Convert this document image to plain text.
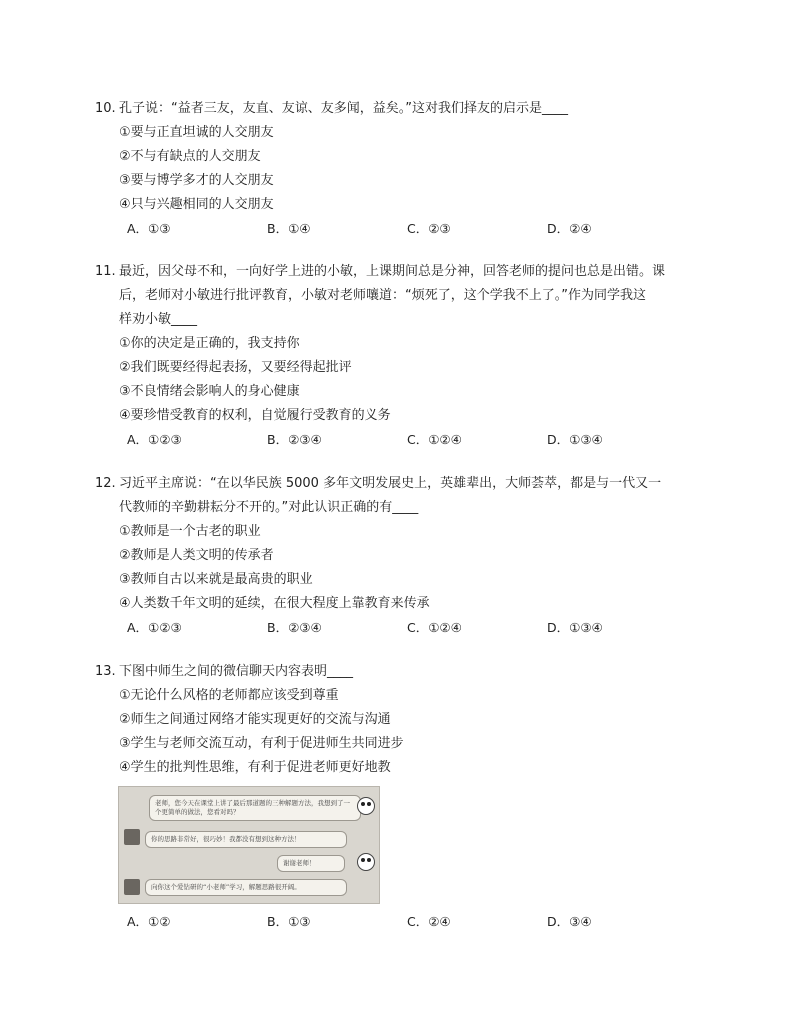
10. 孔子说：“益者三友，友直、友谅、友多闻，益矣。”这对我们择友的启示是____

①要与正直坦诚的人交朋友

②不与有缺点的人交朋友

③要与博学多才的人交朋友

④只与兴趣相同的人交朋友

A．①③	B．①④	C．②③	D．②④

11. 最近，因父母不和，一向好学上进的小敏，上课期间总是分神，回答老师的提问也总是出错。课

后，老师对小敏进行批评教育，小敏对老师嚷道：“烦死了，这个学我不上了。”作为同学我这

样劝小敏____

①你的决定是正确的，我支持你

②我们既要经得起表扬，又要经得起批评

③不良情绪会影响人的身心健康

④要珍惜受教育的权利，自觉履行受教育的义务

A．①②③	B．②③④	C．①②④	D．①③④

12. 习近平主席说：“在以华民族 5000 多年文明发展史上，英雄辈出，大师荟萃，都是与一代又一

代教师的辛勤耕耘分不开的。”对此认识正确的有____

①教师是一个古老的职业

②教师是人类文明的传承者

③教师自古以来就是最高贵的职业

④人类数千年文明的延续，在很大程度上靠教育来传承

A．①②③	B．②③④	C．①②④	D．①③④

13. 下图中师生之间的微信聊天内容表明____

①无论什么风格的老师都应该受到尊重

②师生之间通过网络才能实现更好的交流与沟通

③学生与老师交流互动，有利于促进师生共同进步

④学生的批判性思维，有利于促进老师更好地教

老师，您今天在课堂上讲了最后那道题的三种解题方法，我想到了一个更简单的做法，您看对吗？
你的思路非常好，很巧妙！我都没有想到这种方法！
谢谢老师！
向你这个爱钻研的“小老师”学习，解题思路很开阔。
A．①②	B．①③	C．②④	D．③④
